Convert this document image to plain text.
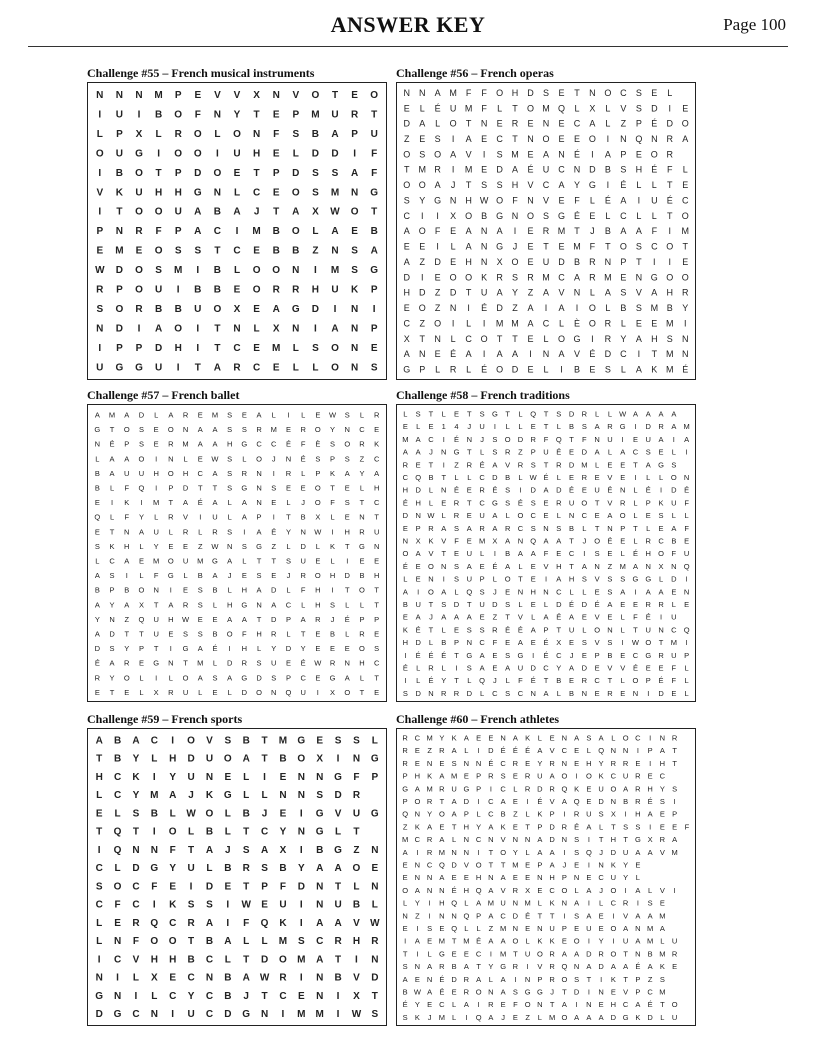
ANSWER KEY	Page 100
Challenge #55 – French musical instruments
N N N M P E V V X N V O T E O
I U I B O F N Y T E P M U R T
L P X L R O L O N F S B A P U
O U G I O O I U H E L D D I F
I B O T P D O E T P D S S A F
V K U H H G N L C E O S M N G
I T O O U A B A J T A X W O T
P N R F P A C I M B O L A E B
E M E O S S T C E B B Z N S A
W D O S M I B L O O N I M S G
R P O U I B B E O R R H U K P
S O R B B U O X E A G D I N I
N D I A O I T N L X N I A N P
I P P D H I T C E M L S O N E
U G G U I T A R C E L L O N S
Challenge #56 – French operas
N N A M F F O H D S E T N O C S E L
E L É U M F L T O M Q L X L V S D I E
D A L O T N E R E N E C A L Z P É D O
Z E S I A E C T N O E E O I N Q N R A
O S O A V I S M E A N É I A P E O R
T M R I M E D A É U C N D B S H É F L
O O A J T S S H V C A Y G I É L L T E
S Y G N H W O F N V E F L É A I U É C
C I I X O B G N O S G É E L C L L T O
A O F E A N A I E R M T J B A A F I M
E E I L A N G J E T E M F T O S C O T
A Z D E H N X O E U D B R N P T I I E
D I E O O K R S R M C A R M E N G O O
H D Z D T U A Y Z A V N L A S V A H R
E O Z N I É D Z A I A I O L B S M B Y
C Z O I L I M M A C L È O R L E E M I
X T N L C O T T E L O G I R Y A H S N
A N E É A I A A I N A V É D C I T M N
G P L R L É O D E L I B E S L A K M É
Challenge #57 – French ballet
A M A D L A R E M S E A L I L E W S L R
G T O S E O N A A S S R M E R O Y N C E
N É P S E R M A A H G C C É F È S O R K
L A A O I N L E W S L O J N É S P S Z C
B A U U H O H C A S R N I R L P K A Y A
B L F Q I P D T T S G N S E E O T E L H
E I K I M T A É A L A N E L J O F S T C
Q L F Y L R V I U L A P I T B X L E N T
E T N A U L R L R S I A É Y N W I H R U
S K H L Y E E Z W N S G Z L D L K T G N
L C A E M O U M G A L T T S U E L I E E
A S I L F G L B A J E S E J R O H D B H
B P B O N I E S B L H A D L F H I T O T
A Y A X T A R S L H G N A C L H S L L T
Y N Z Q U H W E E A A T D P A R J É P P
A D T T U E S S B O F H R L T E B L R E
D S Y P T I G A É I H L Y D Y E E E O S
É A R E G N T M L D R S U E É W R N H C
R Y O L I L O A S A G D S P C E G A L T
E T E L X R U L E L D O N Q U I X O T E
Challenge #58 – French traditions
L S T L E T S G T L Q T S D R L L W A A A A
E L E 1 4 J U I L L E T L B S A R G I D R A M
M A C I É N J S O D R F Q T F N U I E U A I A
A A J N G T L S R Z P U É E D A L A C S E L I
R E T I Z R É A V R S T R D M L E E T A G S
C Q B T L L C D B L W É L E R E V E I L L O N
H D L N É E R É S I D A D É E U É N L É I D É
É H L E R T C G S É S E R U O T V R L P K U F
D N W L R E U A L O C E L N C E A O L E S L L
E P R A S A R A R C S N S B L T N P T L E A F
N X K V F E M X A N Q A A T J O É E L R C B E
O A V T E U L I B A A F E C I S E L É H O F U
É E O N S A E É A L E V H T A N Z M A N X N Q
L E N I S U P L O T E I A H S V S S G G L D I
A I O A L Q S J E N H N C L L E S A I A A E N
B U T S D T U D S L E L D É D É A E E R R L E
E A J A A A E Z T V L A É A E V E L F É I U
K É T L E S S R É É A P T U L O N L T U N C Q
H D L B P N C F E A E É X E S V S I W O T M I
I É É É T G A E S G I É C J E P B E C G R U P
É L R L I S A E A U D C Y A D E V V É E E F L
I L É Y T L Q J L F É T B E R C T L O P É F L
S D N R R D L C S C N A L B N E R E N I D E L
Challenge #59 – French sports
A B A C I O V S B T M G E S S L
T B Y L H D U O A T B O X I N G
H C K I Y U N E L I E N N G F P
L C Y M A J K G L L N N S D R
E L S B L W O L B J E I G V U G
T Q T I O L B L T C Y N G L T
I Q N N F T A J S A X I B G Z N
C L D G Y U L B R S B Y A A O E
S O C F E I D E T P F D N T L N
C F C I K S S I W E U I N U B L
L E R Q C R A I F Q K I A A V W
L N F O O T B A L L M S C R H R
I C V H H B C L T D O M A T I N
N I L X E C N B A W R I N B V D
G N I L C Y C B J T C E N I X T
D G C N I U C D G N I M M I W S
Challenge #60 – French athletes
R C M Y K A E E N A K L E N A S A L O C I N R
R E Z R A L I D É É É A V C E L Q N N I P A T
R E N E S N N É C R E Y R N E H Y R R E I H T
P H K A M E P R S E R U A O I O K C U R E C
G A M R U G P I C L R D R Q K E U O A R H Y S
P O R T A D I C A E I É V A Q E D N B R É S I
Q N Y O A P L C B Z L K P I R U S X I H A E P
Z K A E T H Y A K E T P D R É A L T S S I E E F
M C R A L N C N V N N A D N S I T H T G X R A
A I R M N N I T O Y L A A I S Q J D U A A V M
E N C Q D V O T T M E P A J E I N K Y E
E N N A E E H N A E E N H P N E C U Y L
O A N N É H Q A V R X E C O L A J O I A L V I
L Y I H Q L A M U N M L K N A I L C R I S E
N Z I N N Q P A C D É T T I S A E I V A A M
E I S E Q L L Z M N E N U P E U E O A N M A
I A E M T M É A A O L K K E O I Y I U A M L U
T I L G E E C I M T U O R A A D R O T N B M R
S N A R B A T Y G R I V R Q N A D A A É A K E
A E N É D R A L A I N P R O S T I K T P Z S
B W A É E R O N A S G G J T D I N E V P C M
É Y E C L A I R E F O N T A I N E H C A É T O
S K J M L I Q A J E Z L M O A A A D G K D L U
